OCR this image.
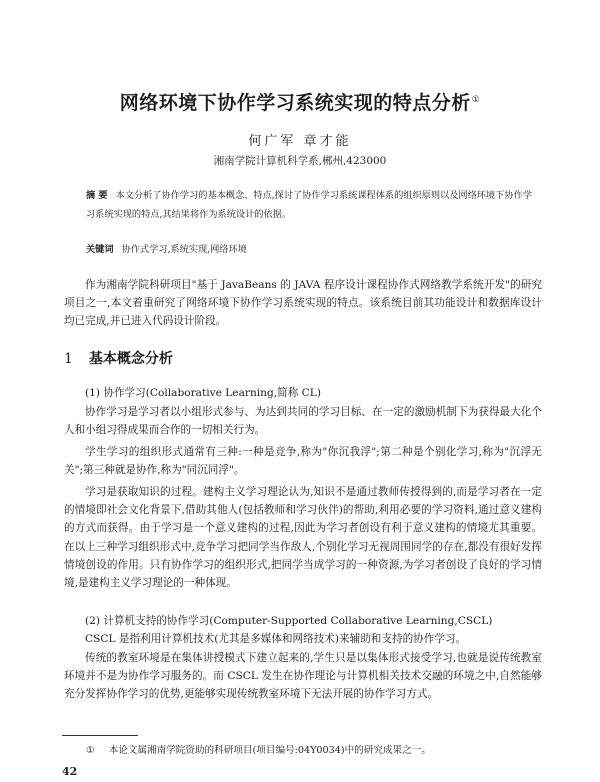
网络环境下协作学习系统实现的特点分析①
何广军 章才能
湘南学院计算机科学系,郴州,423000
摘 要 本文分析了协作学习的基本概念、特点,探讨了协作学习系统课程体系的组织原则以及网络环境下协作学习系统实现的特点,其结果将作为系统设计的依据。
关键词 协作式学习,系统实现,网络环境
作为湘南学院科研项目"基于 JavaBeans 的 JAVA 程序设计课程协作式网络教学系统开发"的研究项目之一,本文着重研究了网络环境下协作学习系统实现的特点。该系统目前其功能设计和数据库设计均已完成,并已进入代码设计阶段。
1 基本概念分析
(1) 协作学习(Collaborative Learning,简称 CL)
协作学习是学习者以小组形式参与、为达到共同的学习目标、在一定的激励机制下为获得最大化个人和小组习得成果而合作的一切相关行为。
学生学习的组织形式通常有三种:一种是竞争,称为"你沉我浮";第二种是个别化学习,称为"沉浮无关";第三种就是协作,称为"同沉同浮"。
学习是获取知识的过程。建构主义学习理论认为,知识不是通过教师传授得到的,而是学习者在一定的情境即社会文化背景下,借助其他人(包括教师和学习伙伴)的帮助,利用必要的学习资料,通过意义建构的方式而获得。由于学习是一个意义建构的过程,因此为学习者创设有利于意义建构的情境尤其重要。在以上三种学习组织形式中,竞争学习把同学当作敌人,个别化学习无视周围同学的存在,都没有很好发挥情境创设的作用。只有协作学习的组织形式,把同学当成学习的一种资源,为学习者创设了良好的学习情境,是建构主义学习理论的一种体现。
(2) 计算机支持的协作学习(Computer-Supported Collaborative Learning,CSCL)
CSCL 是指利用计算机技术(尤其是多媒体和网络技术)来辅助和支持的协作学习。
传统的教室环境是在集体讲授模式下建立起来的,学生只是以集体形式接受学习,也就是说传统教室环境并不是为协作学习服务的。而 CSCL 发生在协作理论与计算机相关技术交融的环境之中,自然能够充分发挥协作学习的优势,更能够实现传统教室环境下无法开展的协作学习方式。
① 本论文属湘南学院资助的科研项目(项目编号:04Y0034)中的研究成果之一。
42
